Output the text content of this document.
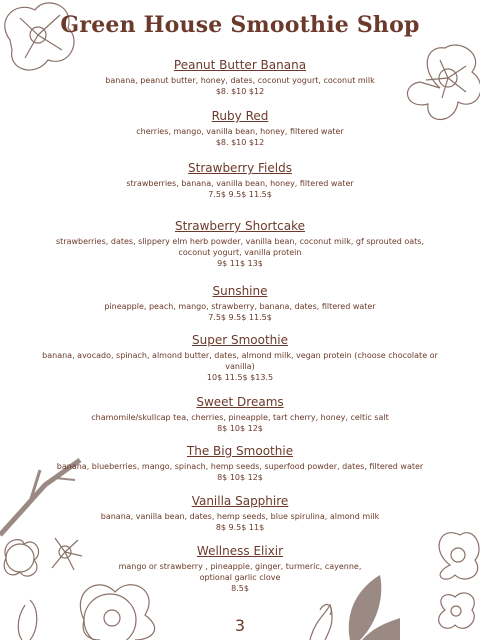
Green House Smoothie Shop
Peanut Butter Banana
banana, peanut butter, honey, dates, coconut yogurt, coconut milk
$8. $10 $12
Ruby Red
cherries, mango, vanilla bean, honey, filtered water
$8. $10 $12
Strawberry Fields
strawberries, banana, vanilla bean, honey, filtered water
7.5$ 9.5$ 11.5$
Strawberry Shortcake
strawberries, dates, slippery elm herb powder, vanilla bean, coconut milk, gf sprouted oats, coconut yogurt, vanilla protein
9$ 11$ 13$
Sunshine
pineapple, peach, mango, strawberry, banana, dates, filtered water
7.5$ 9.5$ 11.5$
Super Smoothie
banana, avocado, spinach, almond butter, dates, almond milk, vegan protein (choose chocolate or vanilla)
10$ 11.5$ $13.5
Sweet Dreams
chamomile/skullcap tea, cherries, pineapple, tart cherry, honey, celtic salt
8$ 10$ 12$
The Big Smoothie
banana, blueberries, mango, spinach, hemp seeds, superfood powder, dates, filtered water
8$ 10$ 12$
Vanilla Sapphire
banana, vanilla bean, dates, hemp seeds, blue spirulina, almond milk
8$ 9.5$ 11$
Wellness Elixir
mango or strawberry , pineapple, ginger, turmeric, cayenne, optional garlic clove
8.5$
3
